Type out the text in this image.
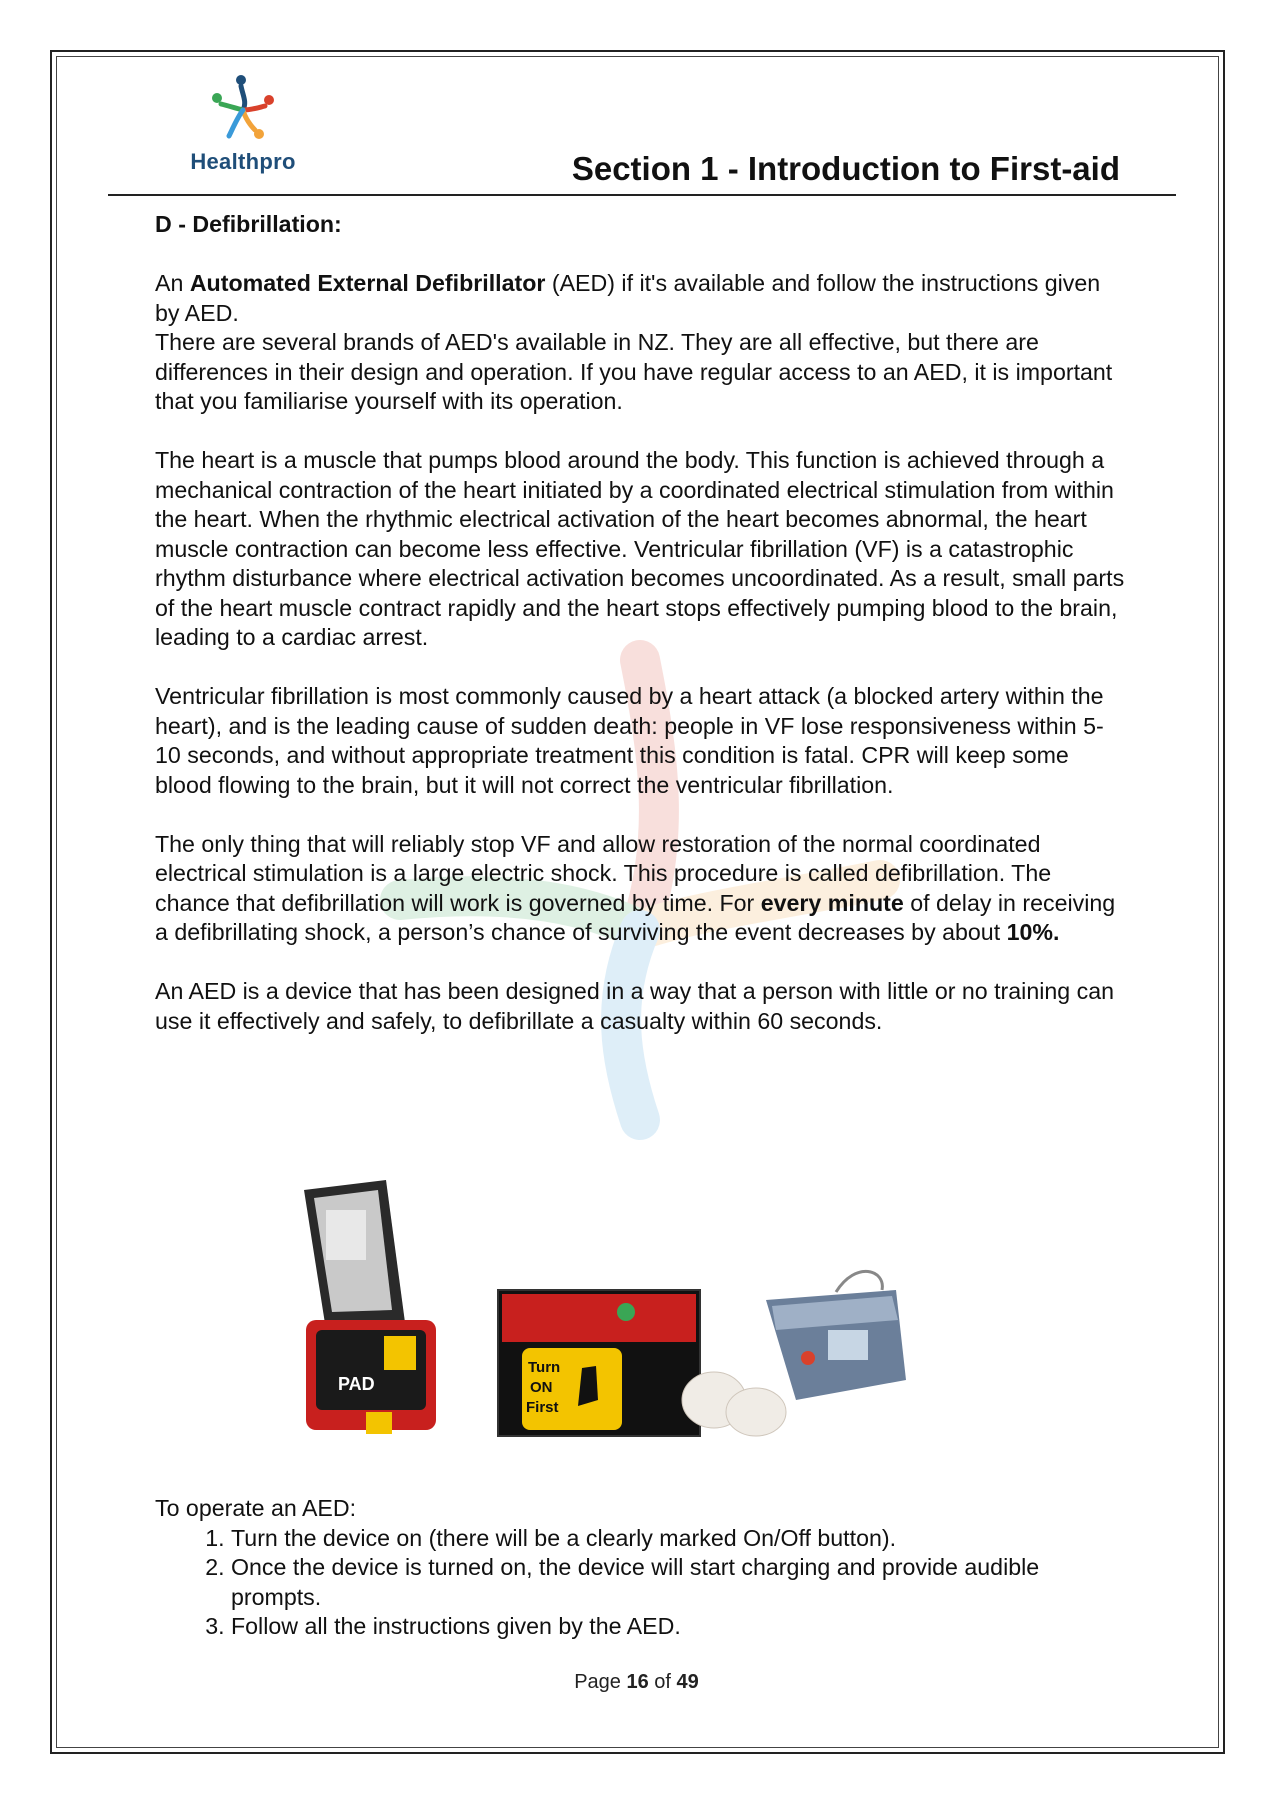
Healthpro	Section 1 - Introduction to First-aid
D - Defibrillation:

An Automated External Defibrillator (AED) if it's available and follow the instructions given by AED.

There are several brands of AED's available in NZ. They are all effective, but there are differences in their design and operation. If you have regular access to an AED, it is important that you familiarise yourself with its operation.

The heart is a muscle that pumps blood around the body. This function is achieved through a mechanical contraction of the heart initiated by a coordinated electrical stimulation from within the heart. When the rhythmic electrical activation of the heart becomes abnormal, the heart muscle contraction can become less effective. Ventricular fibrillation (VF) is a catastrophic rhythm disturbance where electrical activation becomes uncoordinated. As a result, small parts of the heart muscle contract rapidly and the heart stops effectively pumping blood to the brain, leading to a cardiac arrest.

Ventricular fibrillation is most commonly caused by a heart attack (a blocked artery within the heart), and is the leading cause of sudden death: people in VF lose responsiveness within 5-10 seconds, and without appropriate treatment this condition is fatal. CPR will keep some blood flowing to the brain, but it will not correct the ventricular fibrillation.

The only thing that will reliably stop VF and allow restoration of the normal coordinated electrical stimulation is a large electric shock. This procedure is called defibrillation. The chance that defibrillation will work is governed by time. For every minute of delay in receiving a defibrillating shock, a person’s chance of surviving the event decreases by about 10%.

An AED is a device that has been designed in a way that a person with little or no training can use it effectively and safely, to defibrillate a casualty within 60 seconds.

PAD
Turn
ON
First
To operate an AED:
1. Turn the device on (there will be a clearly marked On/Off button).
2. Once the device is turned on, the device will start charging and provide audible prompts.
3. Follow all the instructions given by the AED.
Page 16 of 49
